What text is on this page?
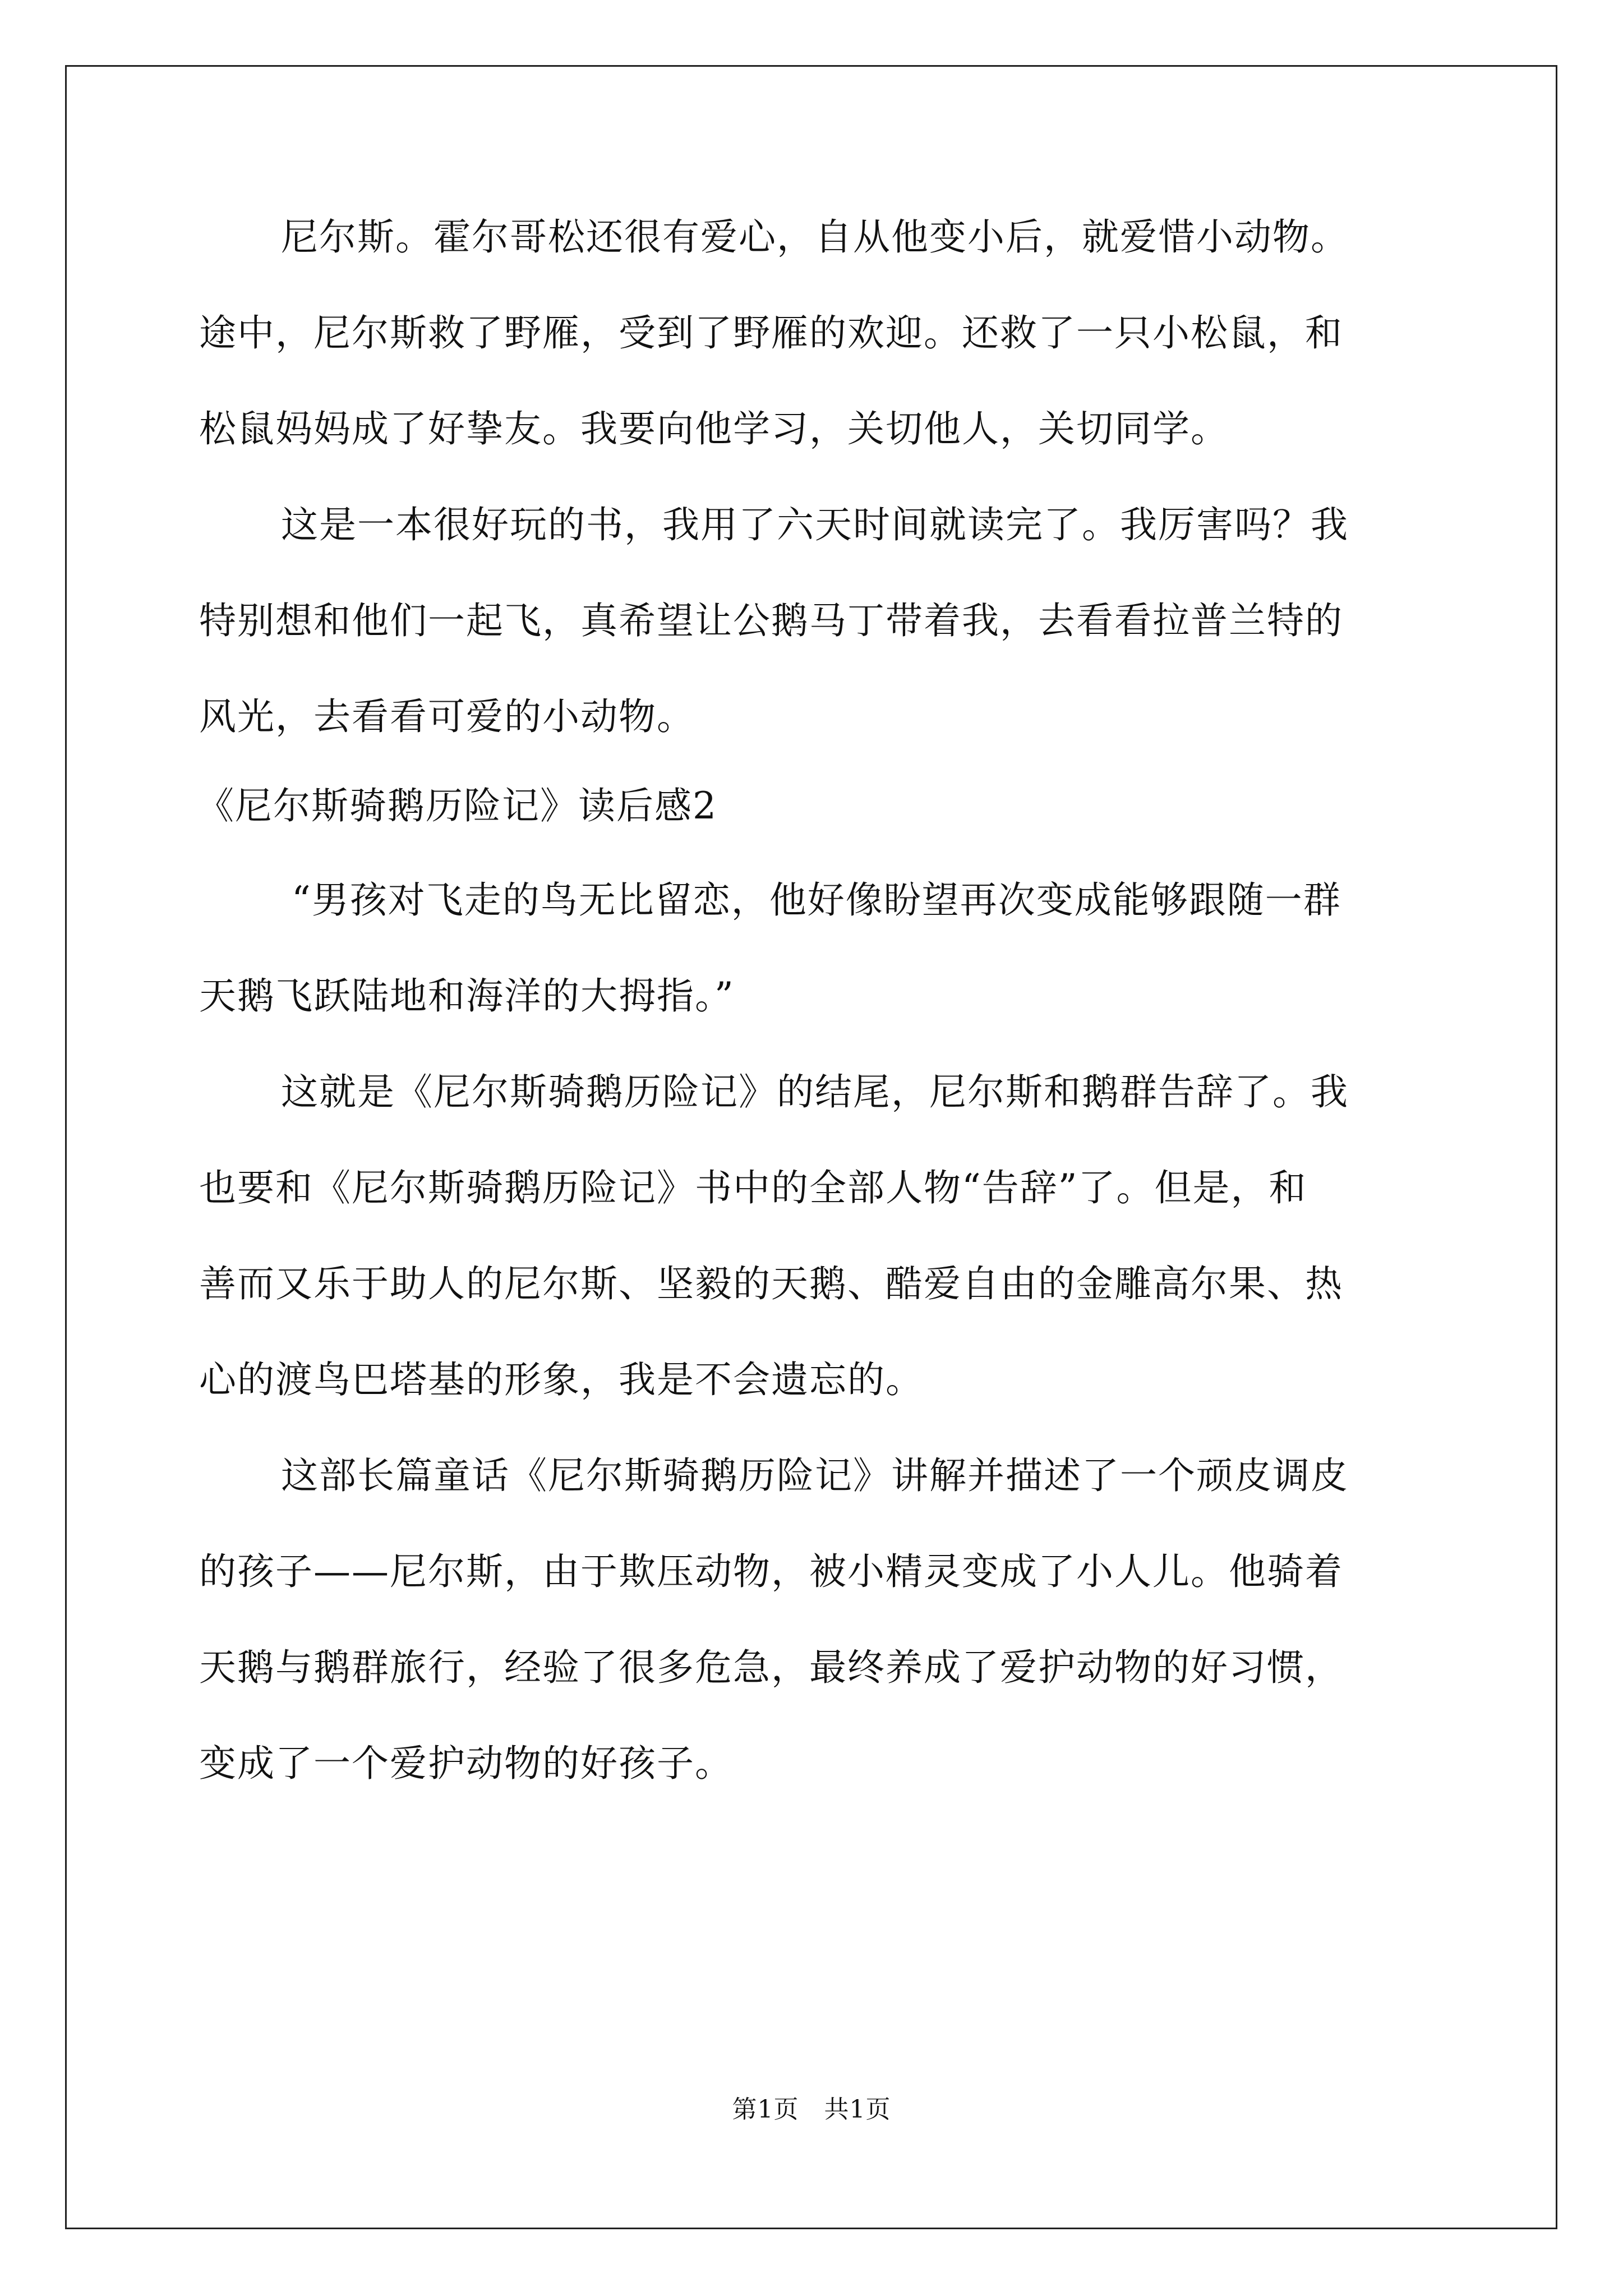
尼尔斯。霍尔哥松还很有爱心，自从他变小后，就爱惜小动物。
途中，尼尔斯救了野雁，受到了野雁的欢迎。还救了一只小松鼠，和
松鼠妈妈成了好挚友。我要向他学习，关切他人，关切同学。
这是一本很好玩的书，我用了六天时间就读完了。我厉害吗？我
特别想和他们一起飞，真希望让公鹅马丁带着我，去看看拉普兰特的
风光，去看看可爱的小动物。
《尼尔斯骑鹅历险记》读后感2
“男孩对飞走的鸟无比留恋，他好像盼望再次变成能够跟随一群
天鹅飞跃陆地和海洋的大拇指。”
这就是《尼尔斯骑鹅历险记》的结尾，尼尔斯和鹅群告辞了。我
也要和《尼尔斯骑鹅历险记》书中的全部人物“告辞”了。但是，和
善而又乐于助人的尼尔斯、坚毅的天鹅、酷爱自由的金雕高尔果、热
心的渡鸟巴塔基的形象，我是不会遗忘的。
这部长篇童话《尼尔斯骑鹅历险记》讲解并描述了一个顽皮调皮
的孩子——尼尔斯，由于欺压动物，被小精灵变成了小人儿。他骑着
天鹅与鹅群旅行，经验了很多危急，最终养成了爱护动物的好习惯，
变成了一个爱护动物的好孩子。
第1页　共1页
